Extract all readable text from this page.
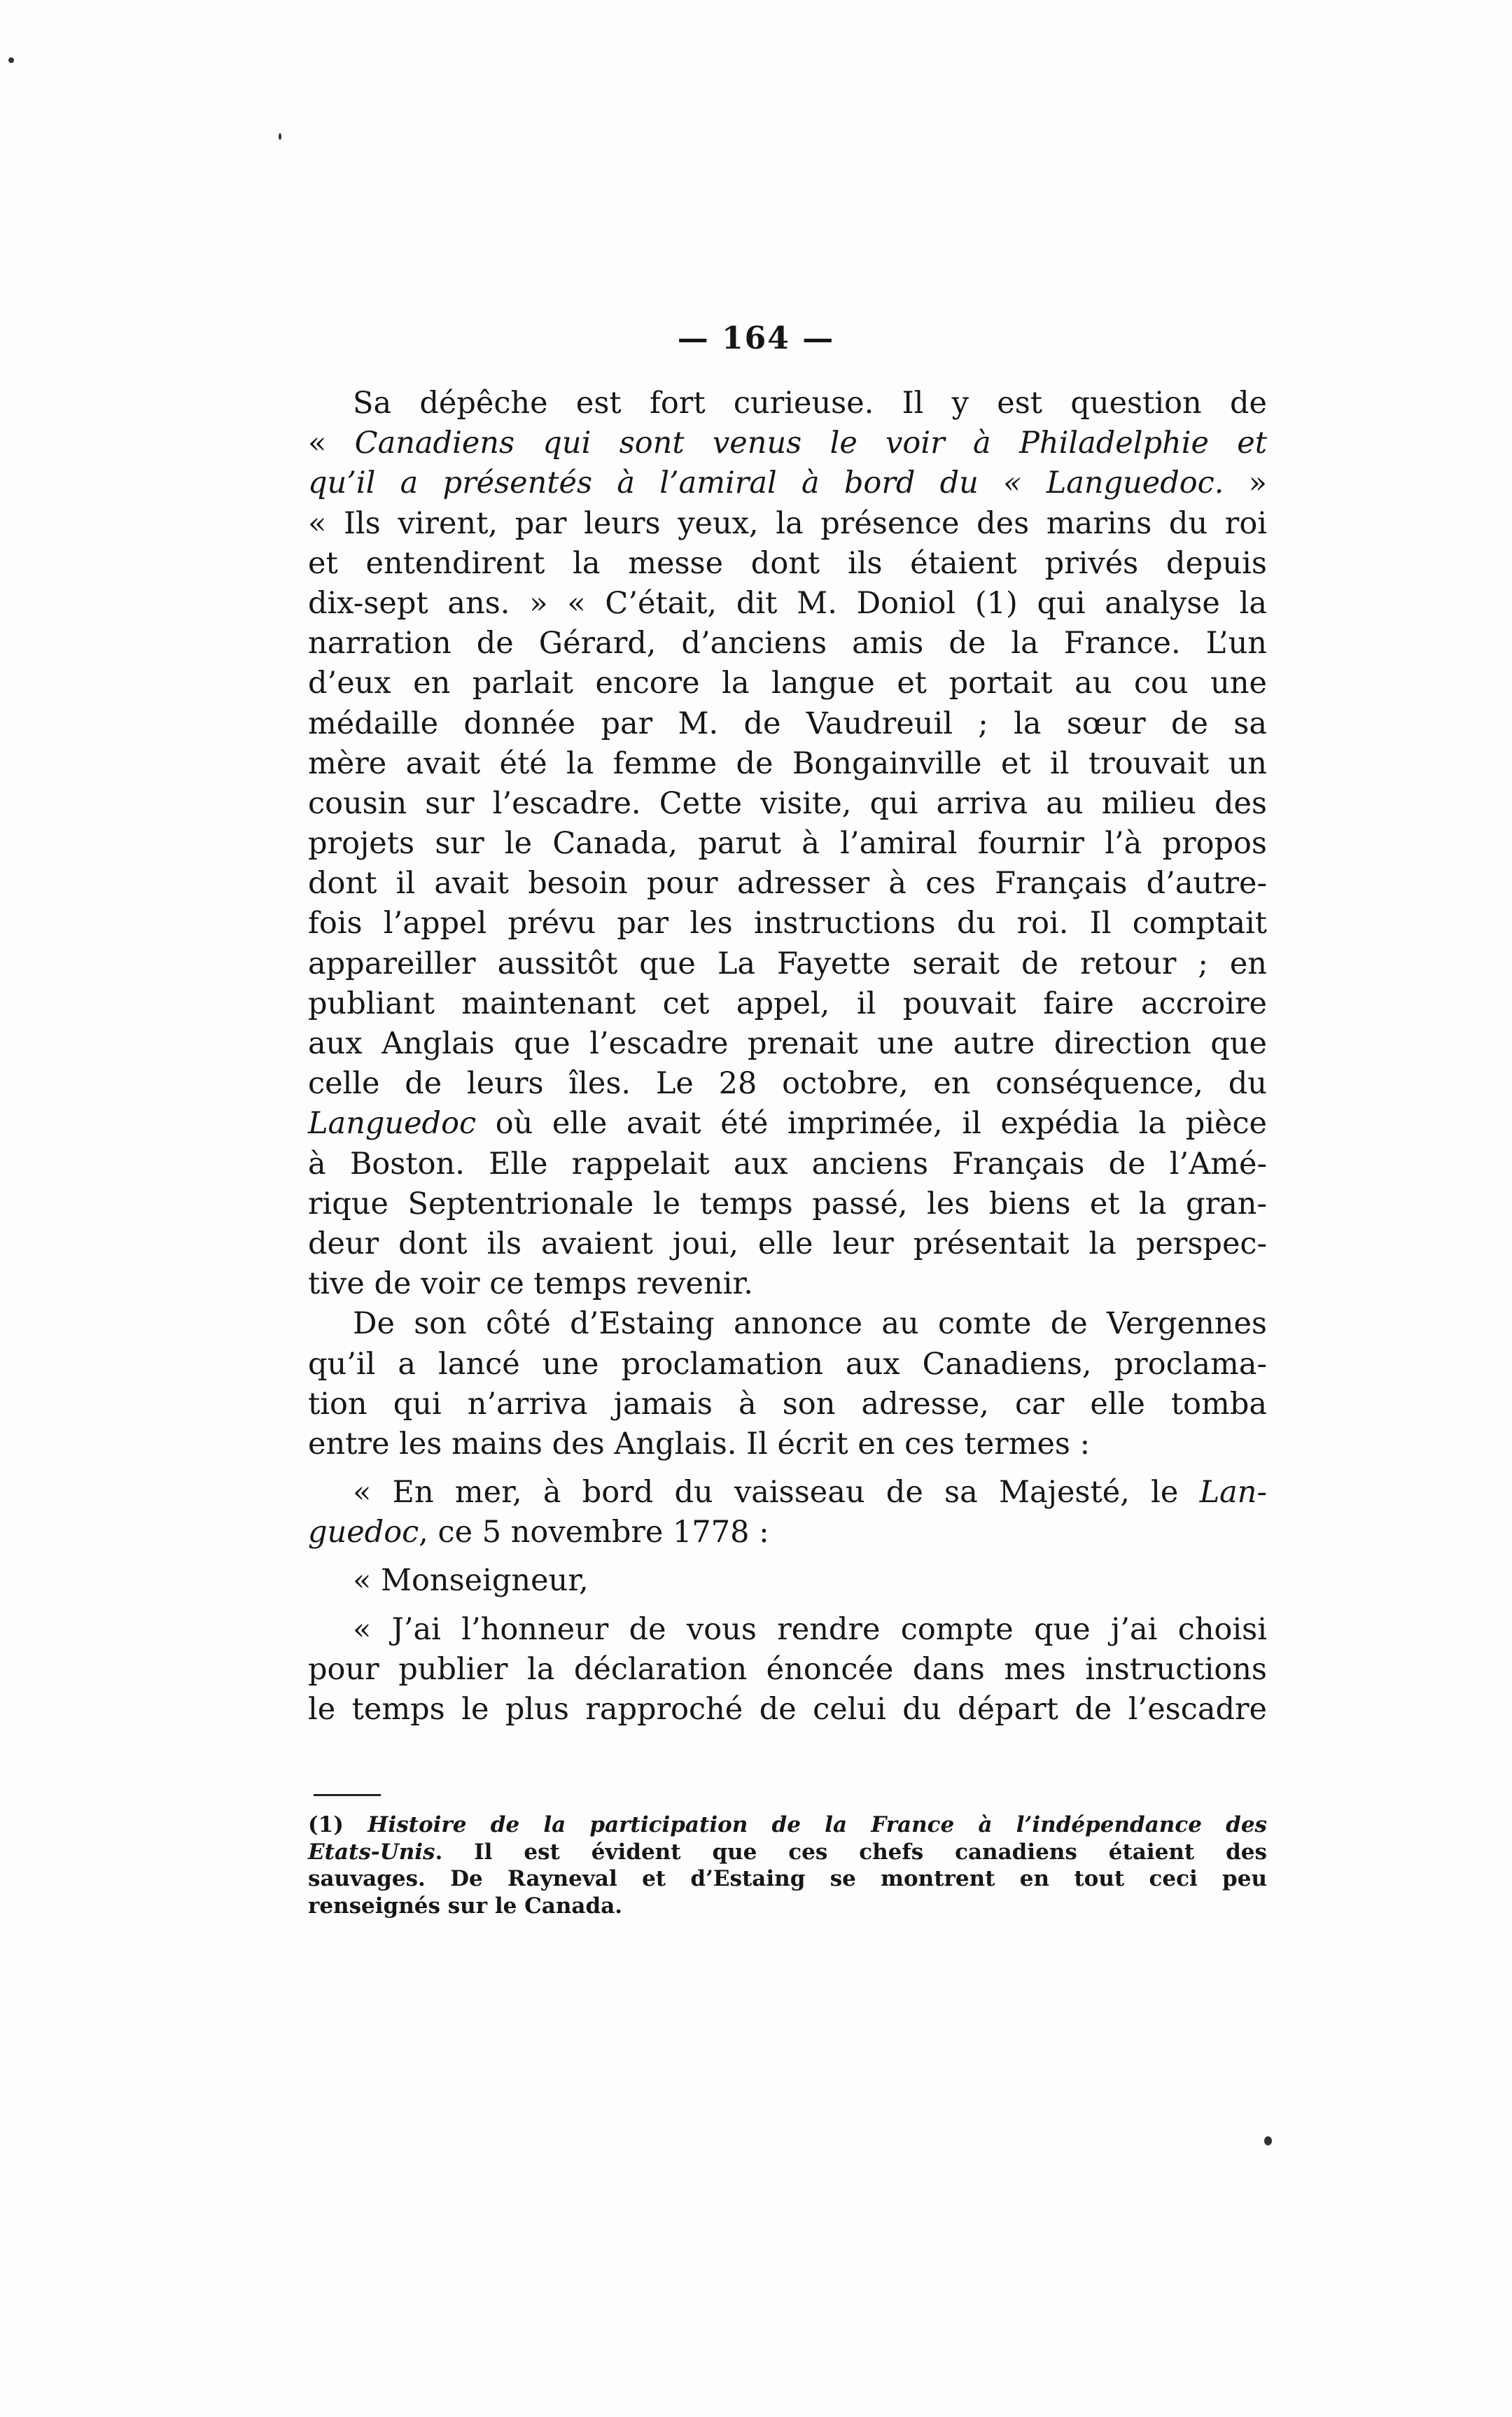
— 164 —
Sa dépêche est fort curieuse. Il y est question de
« Canadiens qui sont venus le voir à Philadelphie et
qu’il a présentés à l’amiral à bord du « Languedoc. »
« Ils virent, par leurs yeux, la présence des marins du roi
et entendirent la messe dont ils étaient privés depuis
dix-sept ans. » « C’était, dit M. Doniol (1) qui analyse la
narration de Gérard, d’anciens amis de la France. L’un
d’eux en parlait encore la langue et portait au cou une
médaille donnée par M. de Vaudreuil ; la sœur de sa
mère avait été la femme de Bongainville et il trouvait un
cousin sur l’escadre. Cette visite, qui arriva au milieu des
projets sur le Canada, parut à l’amiral fournir l’à propos
dont il avait besoin pour adresser à ces Français d’autre-
fois l’appel prévu par les instructions du roi. Il comptait
appareiller aussitôt que La Fayette serait de retour ; en
publiant maintenant cet appel, il pouvait faire accroire
aux Anglais que l’escadre prenait une autre direction que
celle de leurs îles. Le 28 octobre, en conséquence, du
Languedoc où elle avait été imprimée, il expédia la pièce
à Boston. Elle rappelait aux anciens Français de l’Amé-
rique Septentrionale le temps passé, les biens et la gran-
deur dont ils avaient joui, elle leur présentait la perspec-
tive de voir ce temps revenir.
De son côté d’Estaing annonce au comte de Vergennes
qu’il a lancé une proclamation aux Canadiens, proclama-
tion qui n’arriva jamais à son adresse, car elle tomba
entre les mains des Anglais. Il écrit en ces termes :
« En mer, à bord du vaisseau de sa Majesté, le Lan-
guedoc, ce 5 novembre 1778 :
« Monseigneur,
« J’ai l’honneur de vous rendre compte que j’ai choisi
pour publier la déclaration énoncée dans mes instructions
le temps le plus rapproché de celui du départ de l’escadre
(1) Histoire de la participation de la France à l’indépendance des
Etats-Unis. Il est évident que ces chefs canadiens étaient des
sauvages. De Rayneval et d’Estaing se montrent en tout ceci peu
renseignés sur le Canada.
